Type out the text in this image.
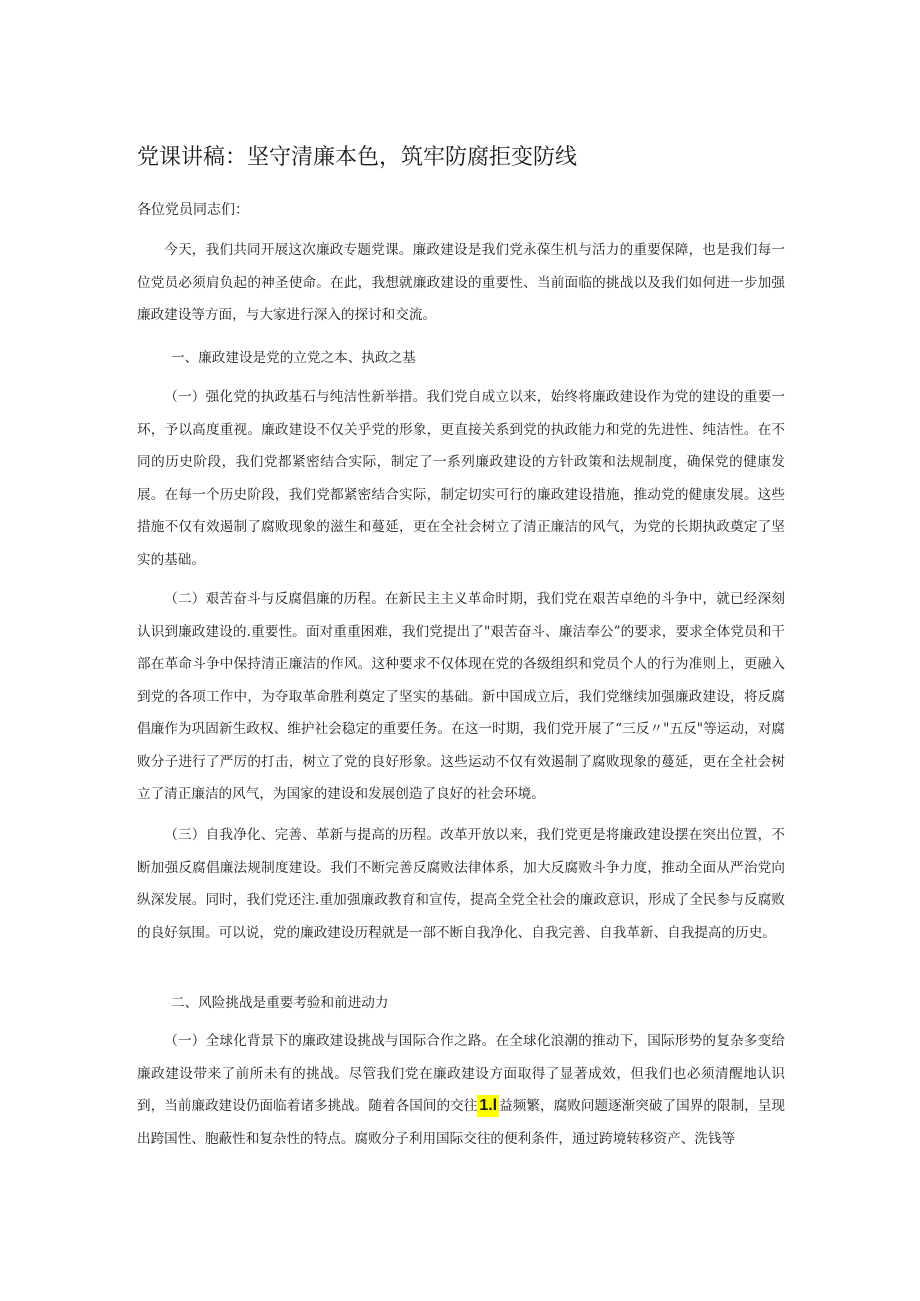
党课讲稿：坚守清廉本色，筑牢防腐拒变防线

各位党员同志们：

今天，我们共同开展这次廉政专题党课。廉政建设是我们党永葆生机与活力的重要保障，也是我们每一位党员必须肩负起的神圣使命。在此，我想就廉政建设的重要性、当前面临的挑战以及我们如何进一步加强廉政建设等方面，与大家进行深入的探讨和交流。

一、廉政建设是党的立党之本、执政之基

（一）强化党的执政基石与纯洁性新举措。我们党自成立以来，始终将廉政建设作为党的建设的重要一环，予以高度重视。廉政建设不仅关乎党的形象，更直接关系到党的执政能力和党的先进性、纯洁性。在不同的历史阶段，我们党都紧密结合实际，制定了一系列廉政建设的方针政策和法规制度，确保党的健康发展。在每一个历史阶段，我们党都紧密结合实际，制定切实可行的廉政建设措施，推动党的健康发展。这些措施不仅有效遏制了腐败现象的滋生和蔓延，更在全社会树立了清正廉洁的风气，为党的长期执政奠定了坚实的基础。

（二）艰苦奋斗与反腐倡廉的历程。在新民主主义革命时期，我们党在艰苦卓绝的斗争中，就已经深刻认识到廉政建设的.重要性。面对重重困难，我们党提出了"艰苦奋斗、廉洁奉公”的要求，要求全体党员和干部在革命斗争中保持清正廉洁的作风。这种要求不仅体现在党的各级组织和党员个人的行为准则上，更融入到党的各项工作中，为夺取革命胜利奠定了坚实的基础。新中国成立后，我们党继续加强廉政建设，将反腐倡廉作为巩固新生政权、维护社会稳定的重要任务。在这一时期，我们党开展了“三反〃"五反"等运动，对腐败分子进行了严厉的打击，树立了党的良好形象。这些运动不仅有效遏制了腐败现象的蔓延，更在全社会树立了清正廉洁的风气，为国家的建设和发展创造了良好的社会环境。

（三）自我净化、完善、革新与提高的历程。改革开放以来，我们党更是将廉政建设摆在突出位置，不断加强反腐倡廉法规制度建设。我们不断完善反腐败法律体系，加大反腐败斗争力度，推动全面从严治党向纵深发展。同时，我们党还注.重加强廉政教育和宣传，提高全党全社会的廉政意识，形成了全民参与反腐败的良好氛围。可以说，党的廉政建设历程就是一部不断自我净化、自我完善、自我革新、自我提高的历史。

二、风险挑战是重要考验和前进动力

（一）全球化背景下的廉政建设挑战与国际合作之路。在全球化浪潮的推动下，国际形势的复杂多变给廉政建设带来了前所未有的挑战。尽管我们党在廉政建设方面取得了显著成效，但我们也必须清醒地认识到，当前廉政建设仍面临着诸多挑战。随着各国间的交往 1.l 益频繁，腐败问题逐渐突破了国界的限制，呈现出跨国性、胞蔽性和复杂性的特点。腐败分子利用国际交往的便利条件，通过跨境转移资产、洗钱等
